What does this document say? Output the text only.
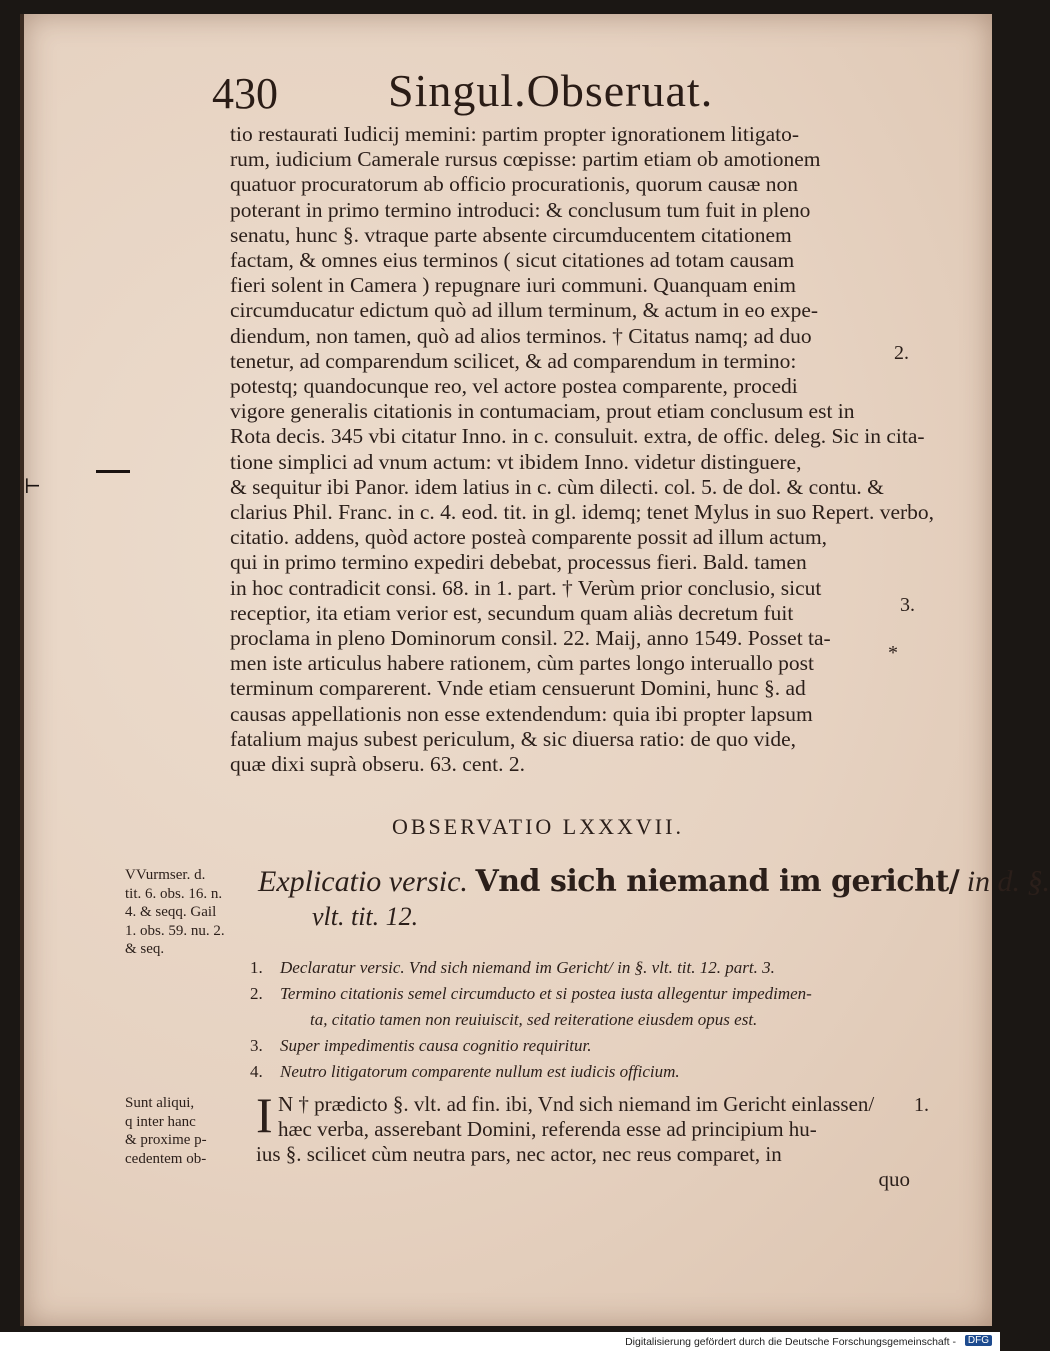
430 Singul.Obseruat.
tio restaurati Iudicij memini: partim propter ignorationem litigato-
rum, iudicium Camerale rursus cœpisse: partim etiam ob amotionem
quatuor procuratorum ab officio procurationis, quorum causæ non
poterant in primo termino introduci: & conclusum tum fuit in pleno
senatu, hunc §. vtraque parte absente circumducentem citationem
factam, & omnes eius terminos ( sicut citationes ad totam causam
fieri solent in Camera ) repugnare iuri communi. Quanquam enim
circumducatur edictum quò ad illum terminum, & actum in eo expe-
diendum, non tamen, quò ad alios terminos. † Citatus namq; ad duo
tenetur, ad comparendum scilicet, & ad comparendum in termino:
potestq; quandocunque reo, vel actore postea comparente, procedi
vigore generalis citationis in contumaciam, prout etiam conclusum est in
Rota decis. 345 vbi citatur Inno. in c. consuluit. extra, de offic. deleg. Sic in cita-
tione simplici ad vnum actum: vt ibidem Inno. videtur distinguere,
& sequitur ibi Panor. idem latius in c. cùm dilecti. col. 5. de dol. & contu. &
clarius Phil. Franc. in c. 4. eod. tit. in gl. idemq; tenet Mylus in suo Repert. verbo,
citatio. addens, quòd actore posteà comparente possit ad illum actum,
qui in primo termino expediri debebat, processus fieri. Bald. tamen
in hoc contradicit consi. 68. in 1. part. † Verùm prior conclusio, sicut
receptior, ita etiam verior est, secundum quam aliàs decretum fuit
proclama in pleno Dominorum consil. 22. Maij, anno 1549. Posset ta-
men iste articulus habere rationem, cùm partes longo interuallo post
terminum comparerent. Vnde etiam censuerunt Domini, hunc §. ad
causas appellationis non esse extendendum: quia ibi propter lapsum
fatalium majus subest periculum, & sic diuersa ratio: de quo vide,
quæ dixi suprà obseru. 63. cent. 2.
2.
3.
*
⊢
OBSERVATIO LXXXVII.
VVurmser. d.
tit. 6. obs. 16. n.
4. & seqq. Gail
1. obs. 59. nu. 2.
& seq.
Explicatio versic. Vnd sich niemand im gericht/ in d. §.
vlt. tit. 12.
1. Declaratur versic. Vnd sich niemand im Gericht/ in §. vlt. tit. 12. part. 3.
2. Termino citationis semel circumducto et si postea iusta allegentur impedimen-
ta, citatio tamen non reuiuiscit, sed reiteratione eiusdem opus est.
3. Super impedimentis causa cognitio requiritur.
4. Neutro litigatorum comparente nullum est iudicis officium.
Sunt aliqui,
q inter hanc
& proxime p-
cedentem ob-
I N † prædicto §. vlt. ad fin. ibi, Vnd sich niemand im Gericht einlassen/
hæc verba, asserebant Domini, referenda esse ad principium hu-
ius §. scilicet cùm neutra pars, nec actor, nec reus comparet, in
quo
1.
Digitalisierung gefördert durch die Deutsche Forschungsgemeinschaft -	DFG
